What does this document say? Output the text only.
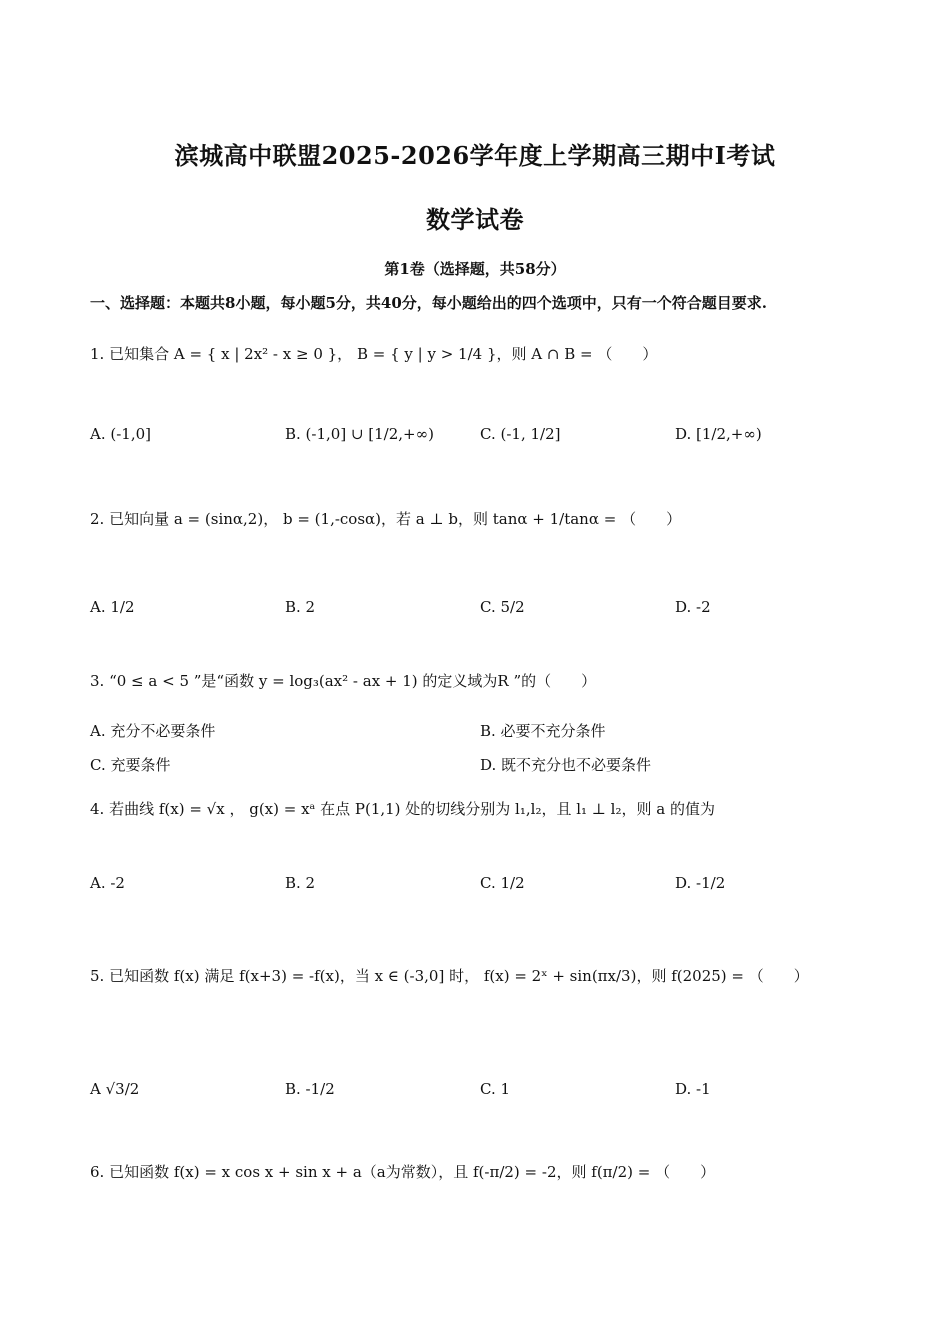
滨城高中联盟2025-2026学年度上学期高三期中Ⅰ考试
数学试卷
第1卷（选择题，共58分）
一、选择题：本题共8小题，每小题5分，共40分，每小题给出的四个选项中，只有一个符合题目要求.
1. 已知集合 A = { x | 2x² - x ≥ 0 }， B = { y | y > 1/4 }，则 A ∩ B = （　　）
A. (-1,0]	B. (-1,0] ∪ [1/2,+∞)	C. (-1, 1/2]	D. [1/2,+∞)
2. 已知向量 a = (sinα,2)， b = (1,-cosα)，若 a ⊥ b，则 tanα + 1/tanα = （　　）
A. 1/2	B. 2	C. 5/2	D. -2
3. “0 ≤ a < 5 ”是“函数 y = log₃(ax² - ax + 1) 的定义域为R ”的（　　）
A. 充分不必要条件	B. 必要不充分条件
C. 充要条件	D. 既不充分也不必要条件
4. 若曲线 f(x) = √x ， g(x) = xᵃ 在点 P(1,1) 处的切线分别为 l₁,l₂，且 l₁ ⊥ l₂，则 a 的值为
A. -2	B. 2	C. 1/2	D. -1/2
5. 已知函数 f(x) 满足 f(x+3) = -f(x)，当 x ∈ (-3,0] 时， f(x) = 2ˣ + sin(πx/3)，则 f(2025) = （　　）
A √3/2	B. -1/2	C. 1	D. -1
6. 已知函数 f(x) = x cos x + sin x + a（a为常数），且 f(-π/2) = -2，则 f(π/2) = （　　）
